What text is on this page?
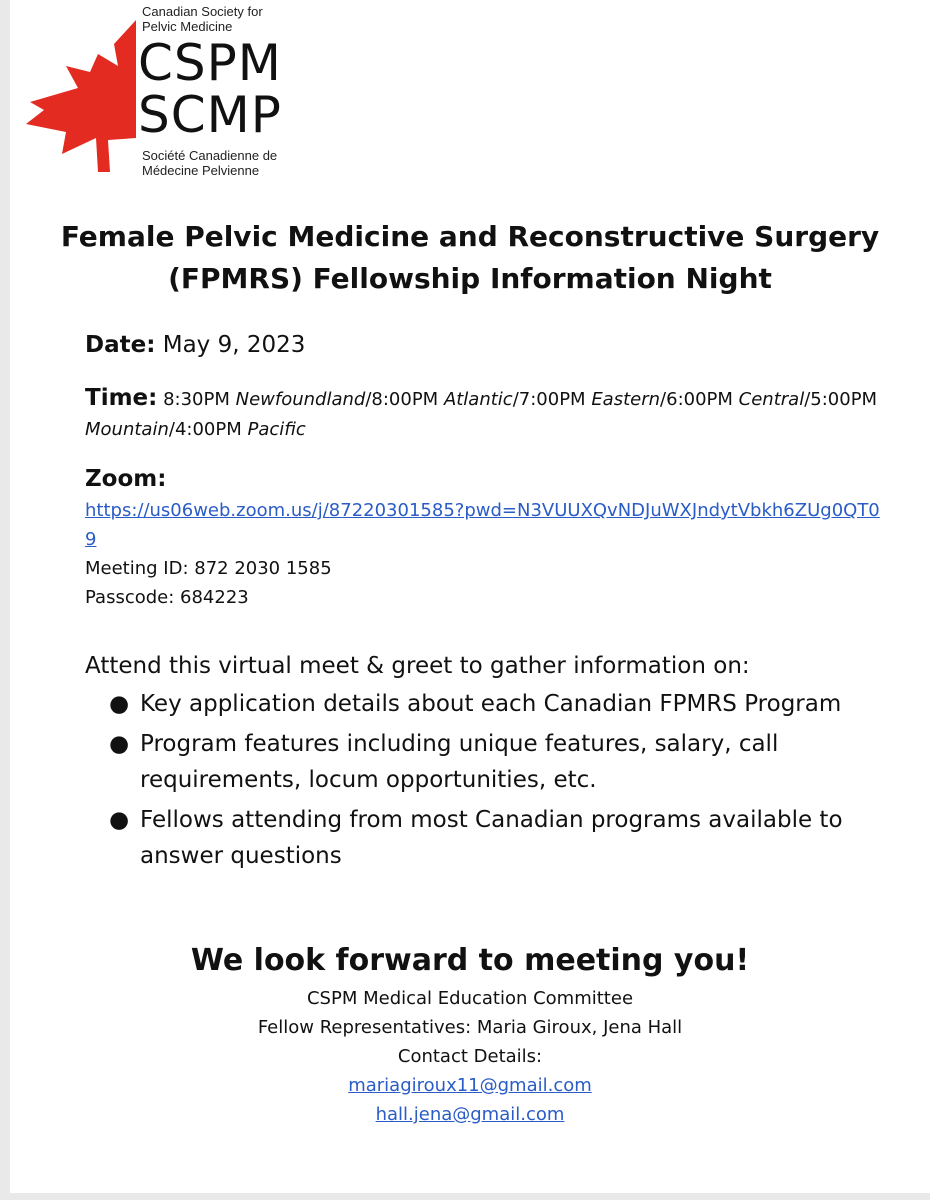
Canadian Society for Pelvic Medicine
CSPM
SCMP
Société Canadienne de Médecine Pelvienne
Female Pelvic Medicine and Reconstructive Surgery (FPMRS) Fellowship Information Night
Date: May 9, 2023
Time: 8:30PM Newfoundland/8:00PM Atlantic/7:00PM Eastern/6:00PM Central/5:00PM Mountain/4:00PM Pacific
Zoom:
https://us06web.zoom.us/j/87220301585?pwd=N3VUUXQvNDJuWXJndytVbkh6ZUg0QT09
Meeting ID: 872 2030 1585
Passcode: 684223
Attend this virtual meet & greet to gather information on:
● Key application details about each Canadian FPMRS Program
● Program features including unique features, salary, call requirements, locum opportunities, etc.
● Fellows attending from most Canadian programs available to answer questions
We look forward to meeting you!
CSPM Medical Education Committee
Fellow Representatives: Maria Giroux, Jena Hall
Contact Details:
mariagiroux11@gmail.com
hall.jena@gmail.com
